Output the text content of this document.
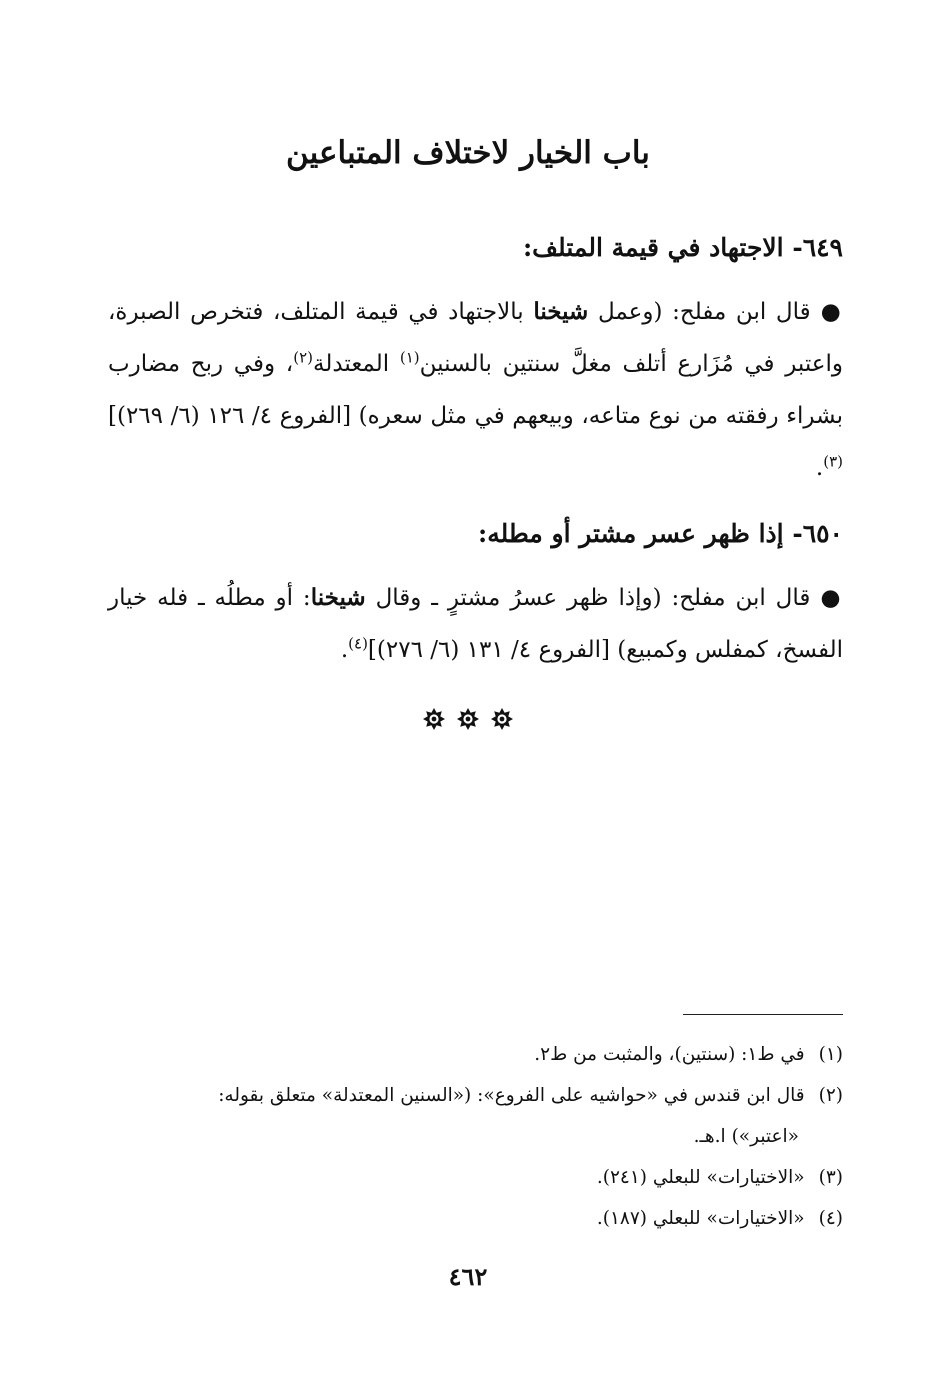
باب الخيار لاختلاف المتباعين

٦٤٩- الاجتهاد في قيمة المتلف:

●قال ابن مفلح: (وعمل شيخنا بالاجتهاد في قيمة المتلف، فتخرص الصبرة، واعتبر في مُزَارع أتلف مغلَّ سنتين بالسنين$^{(١)}$ المعتدلة$^{(٢)}$، وفي ربح مضارب بشراء رفقته من نوع متاعه، وبيعهم في مثل سعره) [الفروع ٤/ ١٢٦ (٦/ ٢٦٩)]$^{(٣)}$.

٦٥٠- إذا ظهر عسر مشتر أو مطله:

●قال ابن مفلح: (وإذا ظهر عسرُ مشترٍ ـ وقال شيخنا: أو مطلُه ـ فله خيار الفسخ، كمفلس وكمبيع) [الفروع ٤/ ١٣١ (٦/ ٢٧٦)]$^{(٤)}$.

(١)في ط١: (سنتين)، والمثبت من ط٢.

(٢)قال ابن قندس في «حواشيه على الفروع»: («السنين المعتدلة» متعلق بقوله:

«اعتبر») ا.هـ.

(٣)«الاختيارات» للبعلي (٢٤١).

(٤)«الاختيارات» للبعلي (١٨٧).

٤٦٢
